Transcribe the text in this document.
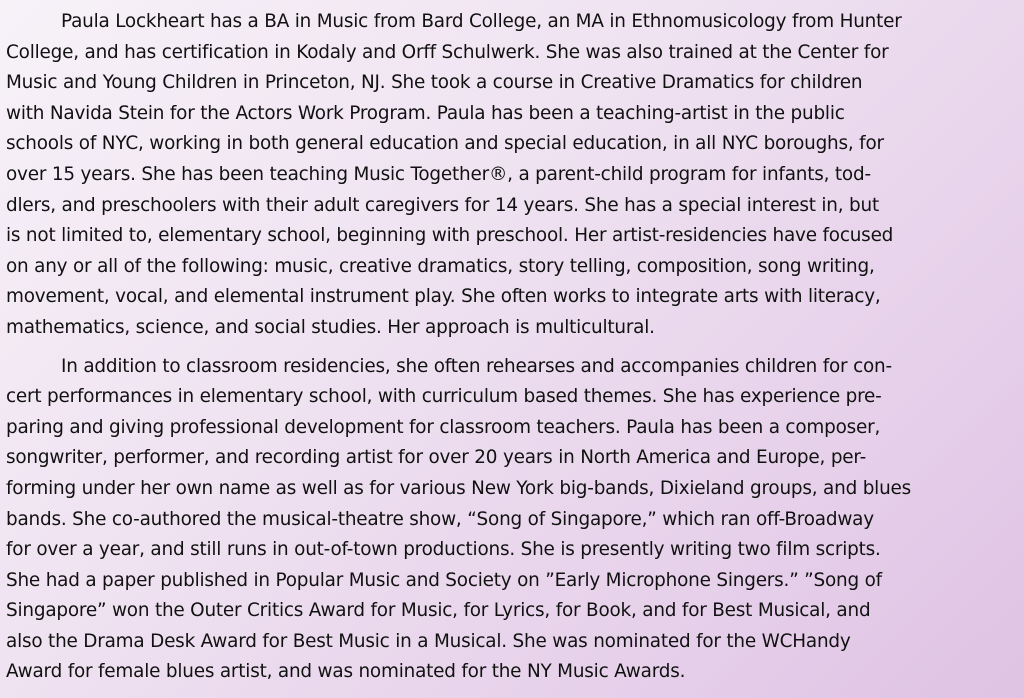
Paula Lockheart has a BA in Music from Bard College, an MA in Ethnomusicology from Hunter
College, and has certification in Kodaly and Orff Schulwerk. She was also trained at the Center for
Music and Young Children in Princeton, NJ. She took a course in Creative Dramatics for children
with Navida Stein for the Actors Work Program. Paula has been a teaching-artist in the public
schools of NYC, working in both general education and special education, in all NYC boroughs, for
over 15 years. She has been teaching Music Together®, a parent-child program for infants, tod-
dlers, and preschoolers with their adult caregivers for 14 years. She has a special interest in, but
is not limited to, elementary school, beginning with preschool. Her artist-residencies have focused
on any or all of the following: music, creative dramatics, story telling, composition, song writing,
movement, vocal, and elemental instrument play. She often works to integrate arts with literacy,
mathematics, science, and social studies. Her approach is multicultural.
In addition to classroom residencies, she often rehearses and accompanies children for con-
cert performances in elementary school, with curriculum based themes. She has experience pre-
paring and giving professional development for classroom teachers. Paula has been a composer,
songwriter, performer, and recording artist for over 20 years in North America and Europe, per-
forming under her own name as well as for various New York big-bands, Dixieland groups, and blues
bands. She co-authored the musical-theatre show, “Song of Singapore,” which ran off-Broadway
for over a year, and still runs in out-of-town productions. She is presently writing two film scripts.
She had a paper published in Popular Music and Society on ”Early Microphone Singers.” ”Song of
Singapore” won the Outer Critics Award for Music, for Lyrics, for Book, and for Best Musical, and
also the Drama Desk Award for Best Music in a Musical. She was nominated for the WCHandy
Award for female blues artist, and was nominated for the NY Music Awards.
